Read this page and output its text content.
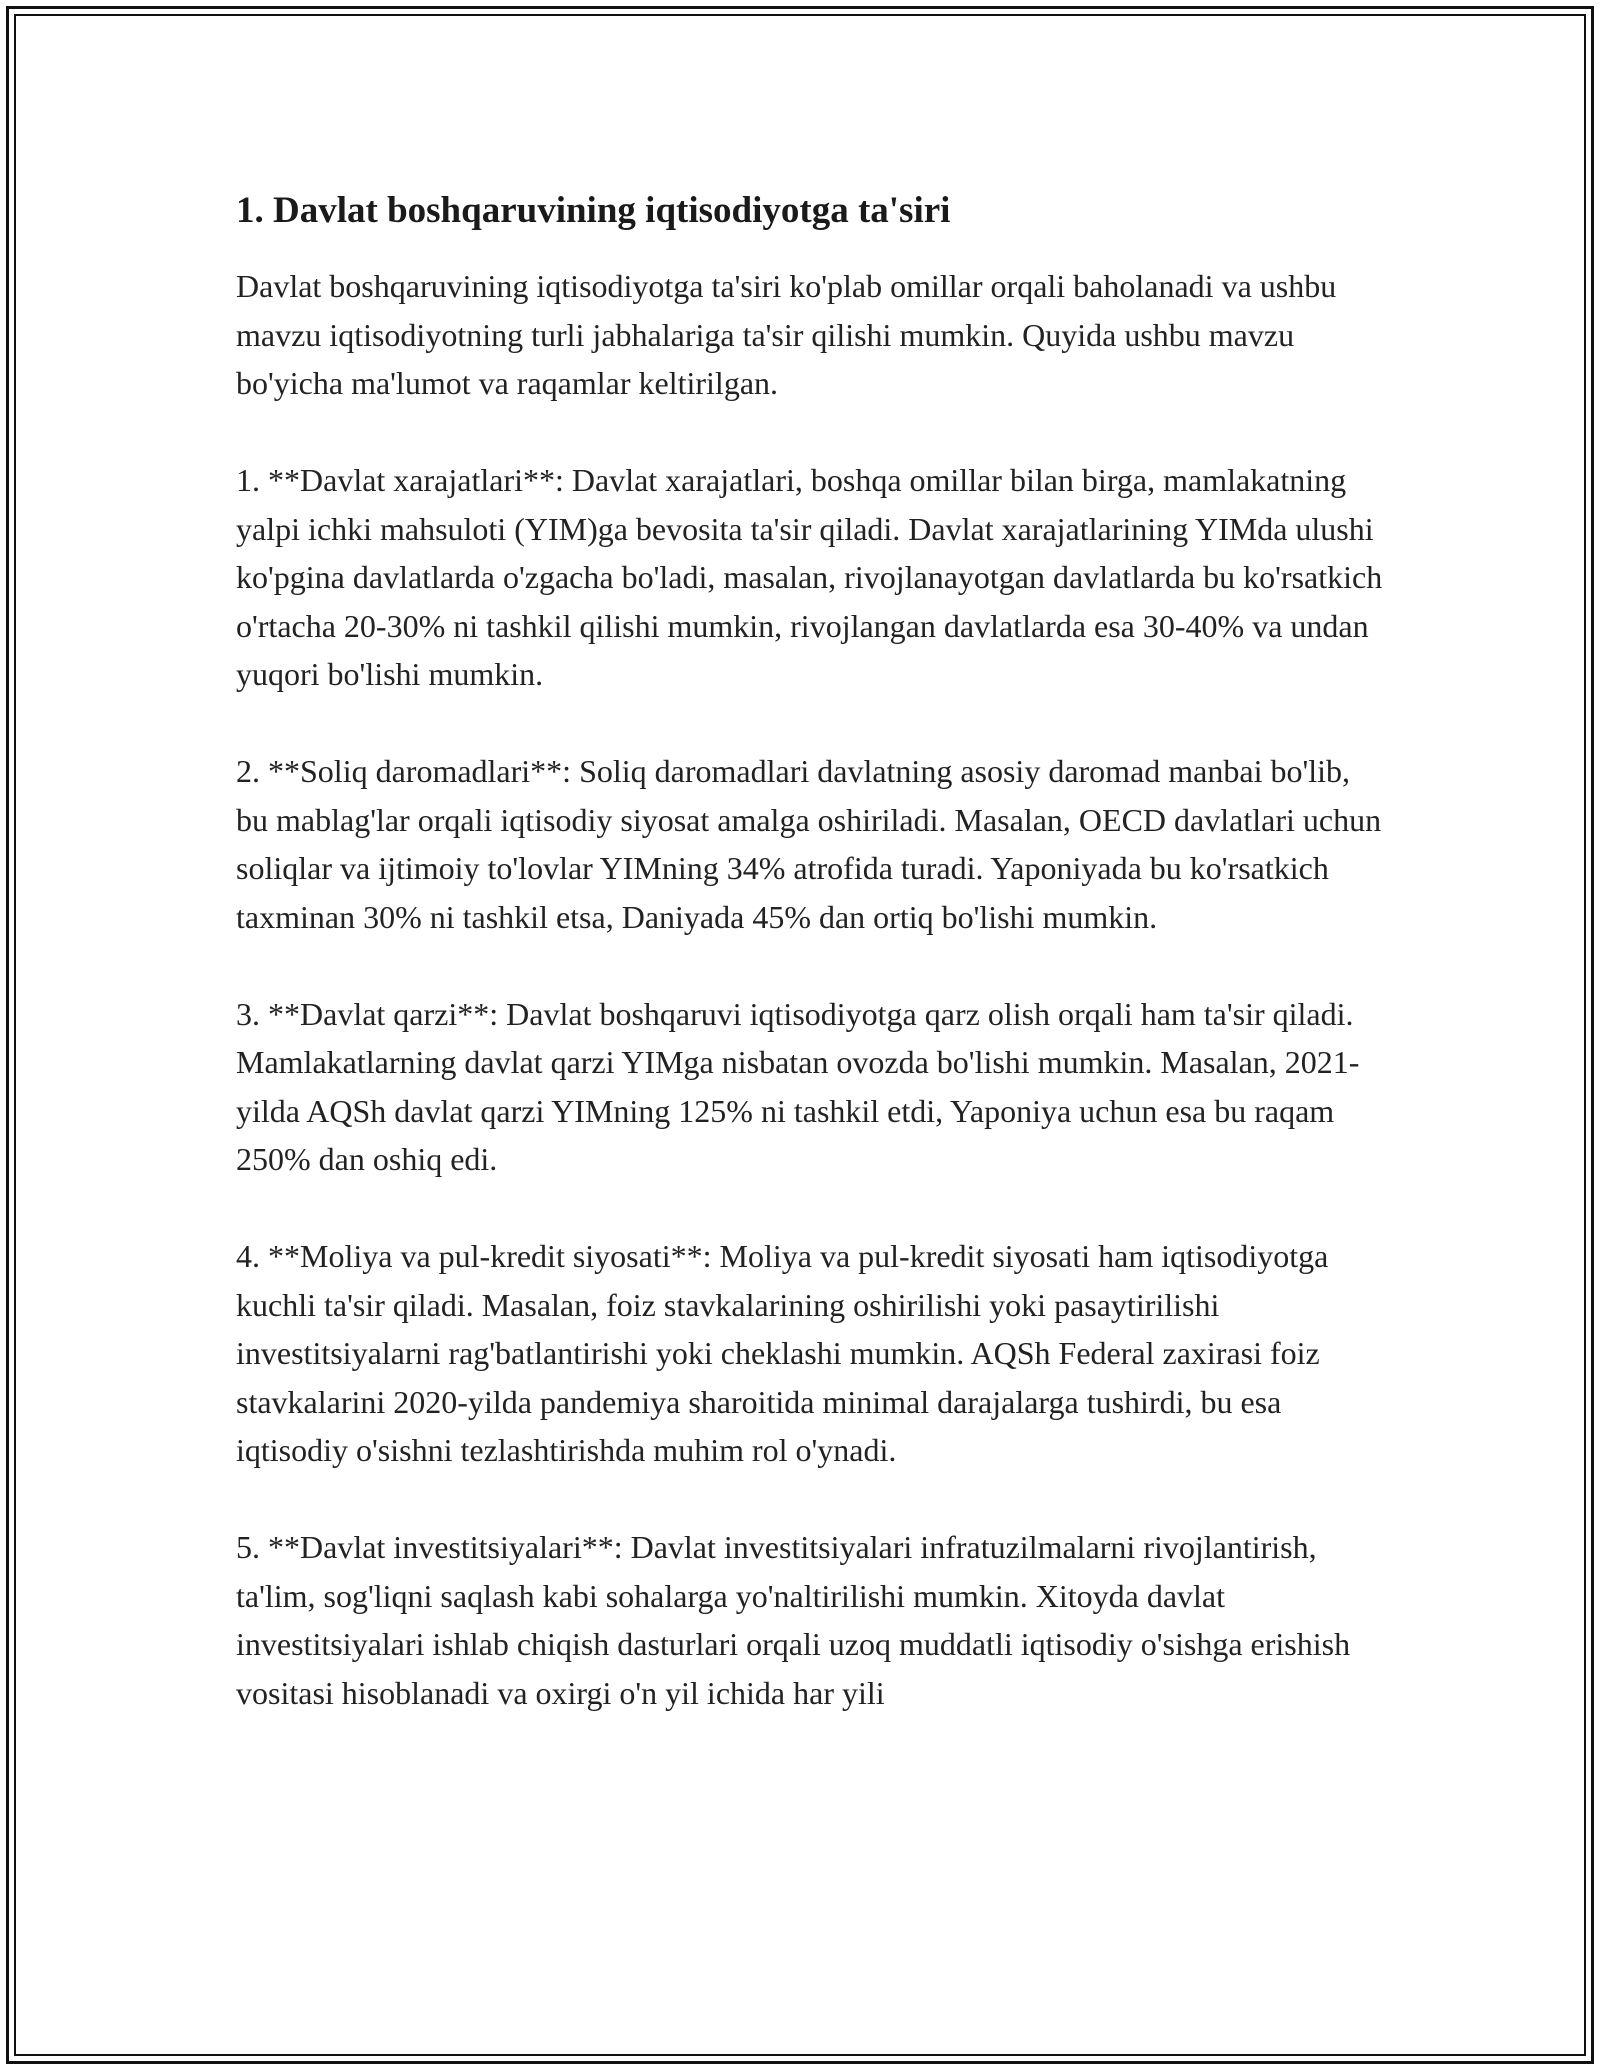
1. Davlat boshqaruvining iqtisodiyotga ta'siri

Davlat boshqaruvining iqtisodiyotga ta'siri ko'plab omillar orqali baholanadi va ushbu mavzu iqtisodiyotning turli jabhalariga ta'sir qilishi mumkin. Quyida ushbu mavzu bo'yicha ma'lumot va raqamlar keltirilgan.

1. **Davlat xarajatlari**: Davlat xarajatlari, boshqa omillar bilan birga, mamlakatning yalpi ichki mahsuloti (YIM)ga bevosita ta'sir qiladi. Davlat xarajatlarining YIMda ulushi ko'pgina davlatlarda o'zgacha bo'ladi, masalan, rivojlanayotgan davlatlarda bu ko'rsatkich o'rtacha 20-30% ni tashkil qilishi mumkin, rivojlangan davlatlarda esa 30-40% va undan yuqori bo'lishi mumkin.

2. **Soliq daromadlari**: Soliq daromadlari davlatning asosiy daromad manbai bo'lib, bu mablag'lar orqali iqtisodiy siyosat amalga oshiriladi. Masalan, OECD davlatlari uchun soliqlar va ijtimoiy to'lovlar YIMning 34% atrofida turadi. Yaponiyada bu ko'rsatkich taxminan 30% ni tashkil etsa, Daniyada 45% dan ortiq bo'lishi mumkin.

3. **Davlat qarzi**: Davlat boshqaruvi iqtisodiyotga qarz olish orqali ham ta'sir qiladi. Mamlakatlarning davlat qarzi YIMga nisbatan ovozda bo'lishi mumkin. Masalan, 2021-yilda AQSh davlat qarzi YIMning 125% ni tashkil etdi, Yaponiya uchun esa bu raqam 250% dan oshiq edi.

4. **Moliya va pul-kredit siyosati**: Moliya va pul-kredit siyosati ham iqtisodiyotga kuchli ta'sir qiladi. Masalan, foiz stavkalarining oshirilishi yoki pasaytirilishi investitsiyalarni rag'batlantirishi yoki cheklashi mumkin. AQSh Federal zaxirasi foiz stavkalarini 2020-yilda pandemiya sharoitida minimal darajalarga tushirdi, bu esa iqtisodiy o'sishni tezlashtirishda muhim rol o'ynadi.

5. **Davlat investitsiyalari**: Davlat investitsiyalari infratuzilmalarni rivojlantirish, ta'lim, sog'liqni saqlash kabi sohalarga yo'naltirilishi mumkin. Xitoyda davlat investitsiyalari ishlab chiqish dasturlari orqali uzoq muddatli iqtisodiy o'sishga erishish vositasi hisoblanadi va oxirgi o'n yil ichida har yili
